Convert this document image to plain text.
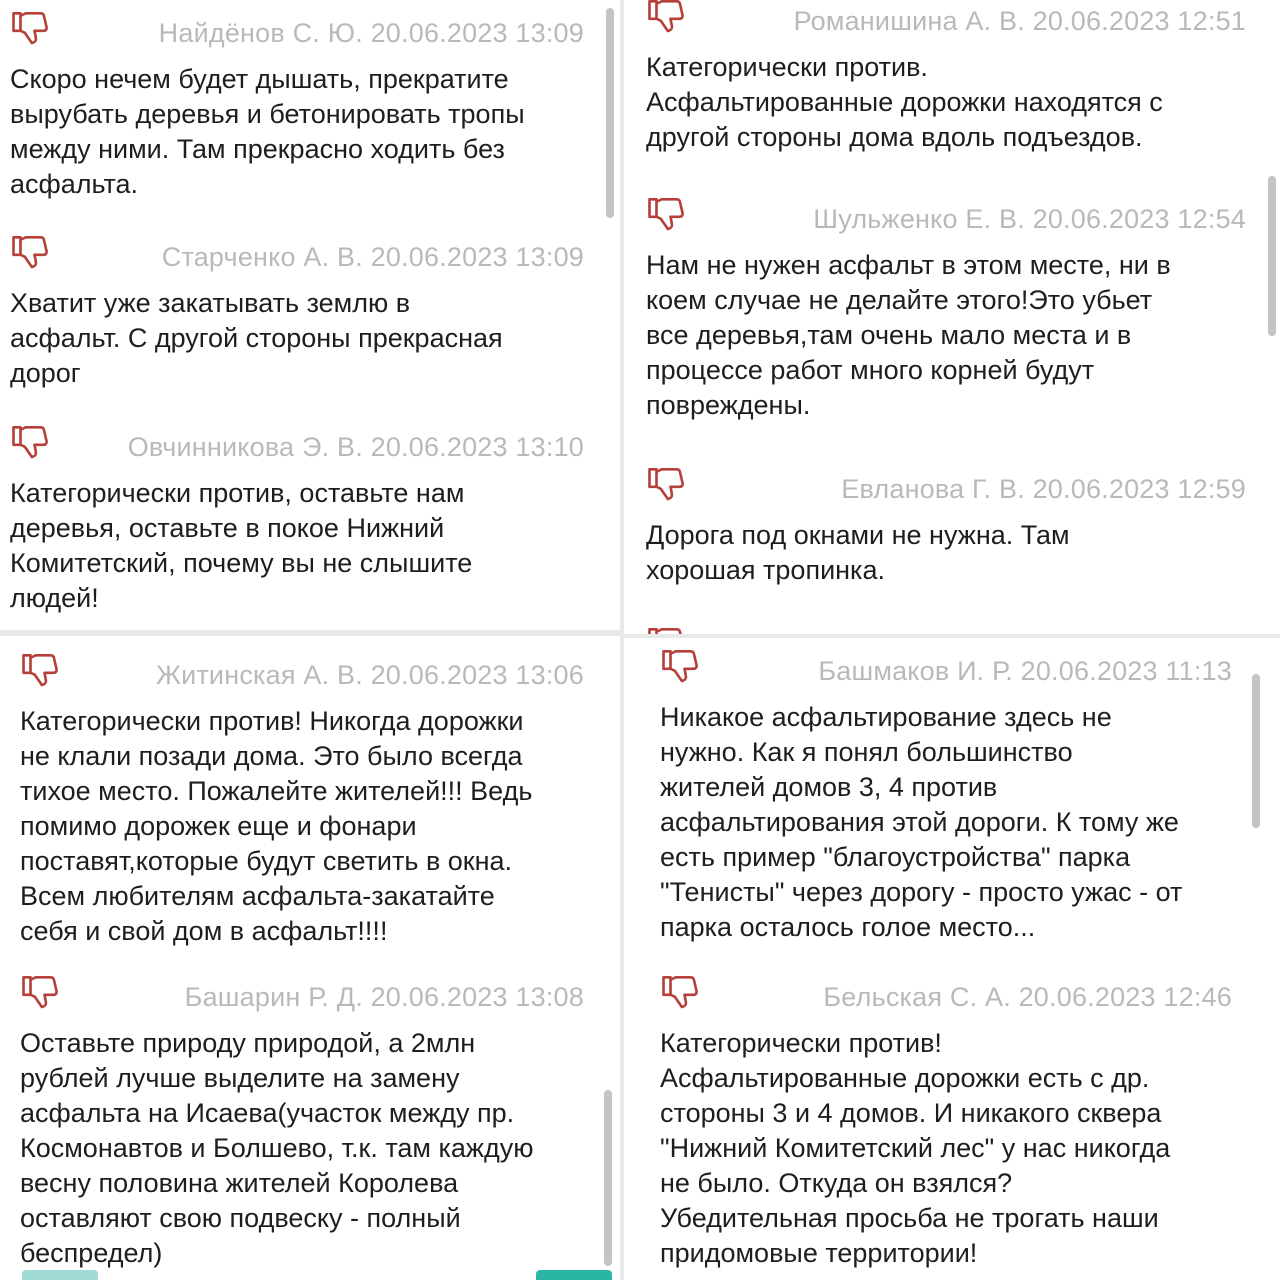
Найдёнов С. Ю. 20.06.2023 13:09
Скоро нечем будет дышать, прекратите
вырубать деревья и бетонировать тропы
между ними. Там прекрасно ходить без
асфальта.
Старченко А. В. 20.06.2023 13:09
Хватит уже закатывать землю в
асфальт. С другой стороны прекрасная
дорог
Овчинникова Э. В. 20.06.2023 13:10
Категорически против, оставьте нам
деревья, оставьте в покое Нижний
Комитетский, почему вы не слышите
людей!
Романишина А. В. 20.06.2023 12:51
Категорически против.
Асфальтированные дорожки находятся с
другой стороны дома вдоль подъездов.
Шульженко Е. В. 20.06.2023 12:54
Нам не нужен асфальт в этом месте, ни в
коем случае не делайте этого!Это убьет
все деревья,там очень мало места и в
процессе работ много корней будут
повреждены.
Евланова Г. В. 20.06.2023 12:59
Дорога под окнами не нужна. Там
хорошая тропинка.
Житинская А. В. 20.06.2023 13:06
Категорически против! Никогда дорожки
не клали позади дома. Это было всегда
тихое место. Пожалейте жителей!!! Ведь
помимо дорожек еще и фонари
поставят,которые будут светить в окна.
Всем любителям асфальта-закатайте
себя и свой дом в асфальт!!!!
Башарин Р. Д. 20.06.2023 13:08
Оставьте природу природой, а 2млн
рублей лучше выделите на замену
асфальта на Исаева(участок между пр.
Космонавтов и Болшево, т.к. там каждую
весну половина жителей Королева
оставляют свою подвеску - полный
беспредел)
Башмаков И. Р. 20.06.2023 11:13
Никакое асфальтирование здесь не
нужно. Как я понял большинство
жителей домов 3, 4 против
асфальтирования этой дороги. К тому же
есть пример "благоустройства" парка
"Тенисты" через дорогу - просто ужас - от
парка осталось голое место...
Бельская С. А. 20.06.2023 12:46
Категорически против!
Асфальтированные дорожки есть с др.
стороны 3 и 4 домов. И никакого сквера
"Нижний Комитетский лес" у нас никогда
не было. Откуда он взялся?
Убедительная просьба не трогать наши
придомовые территории!
